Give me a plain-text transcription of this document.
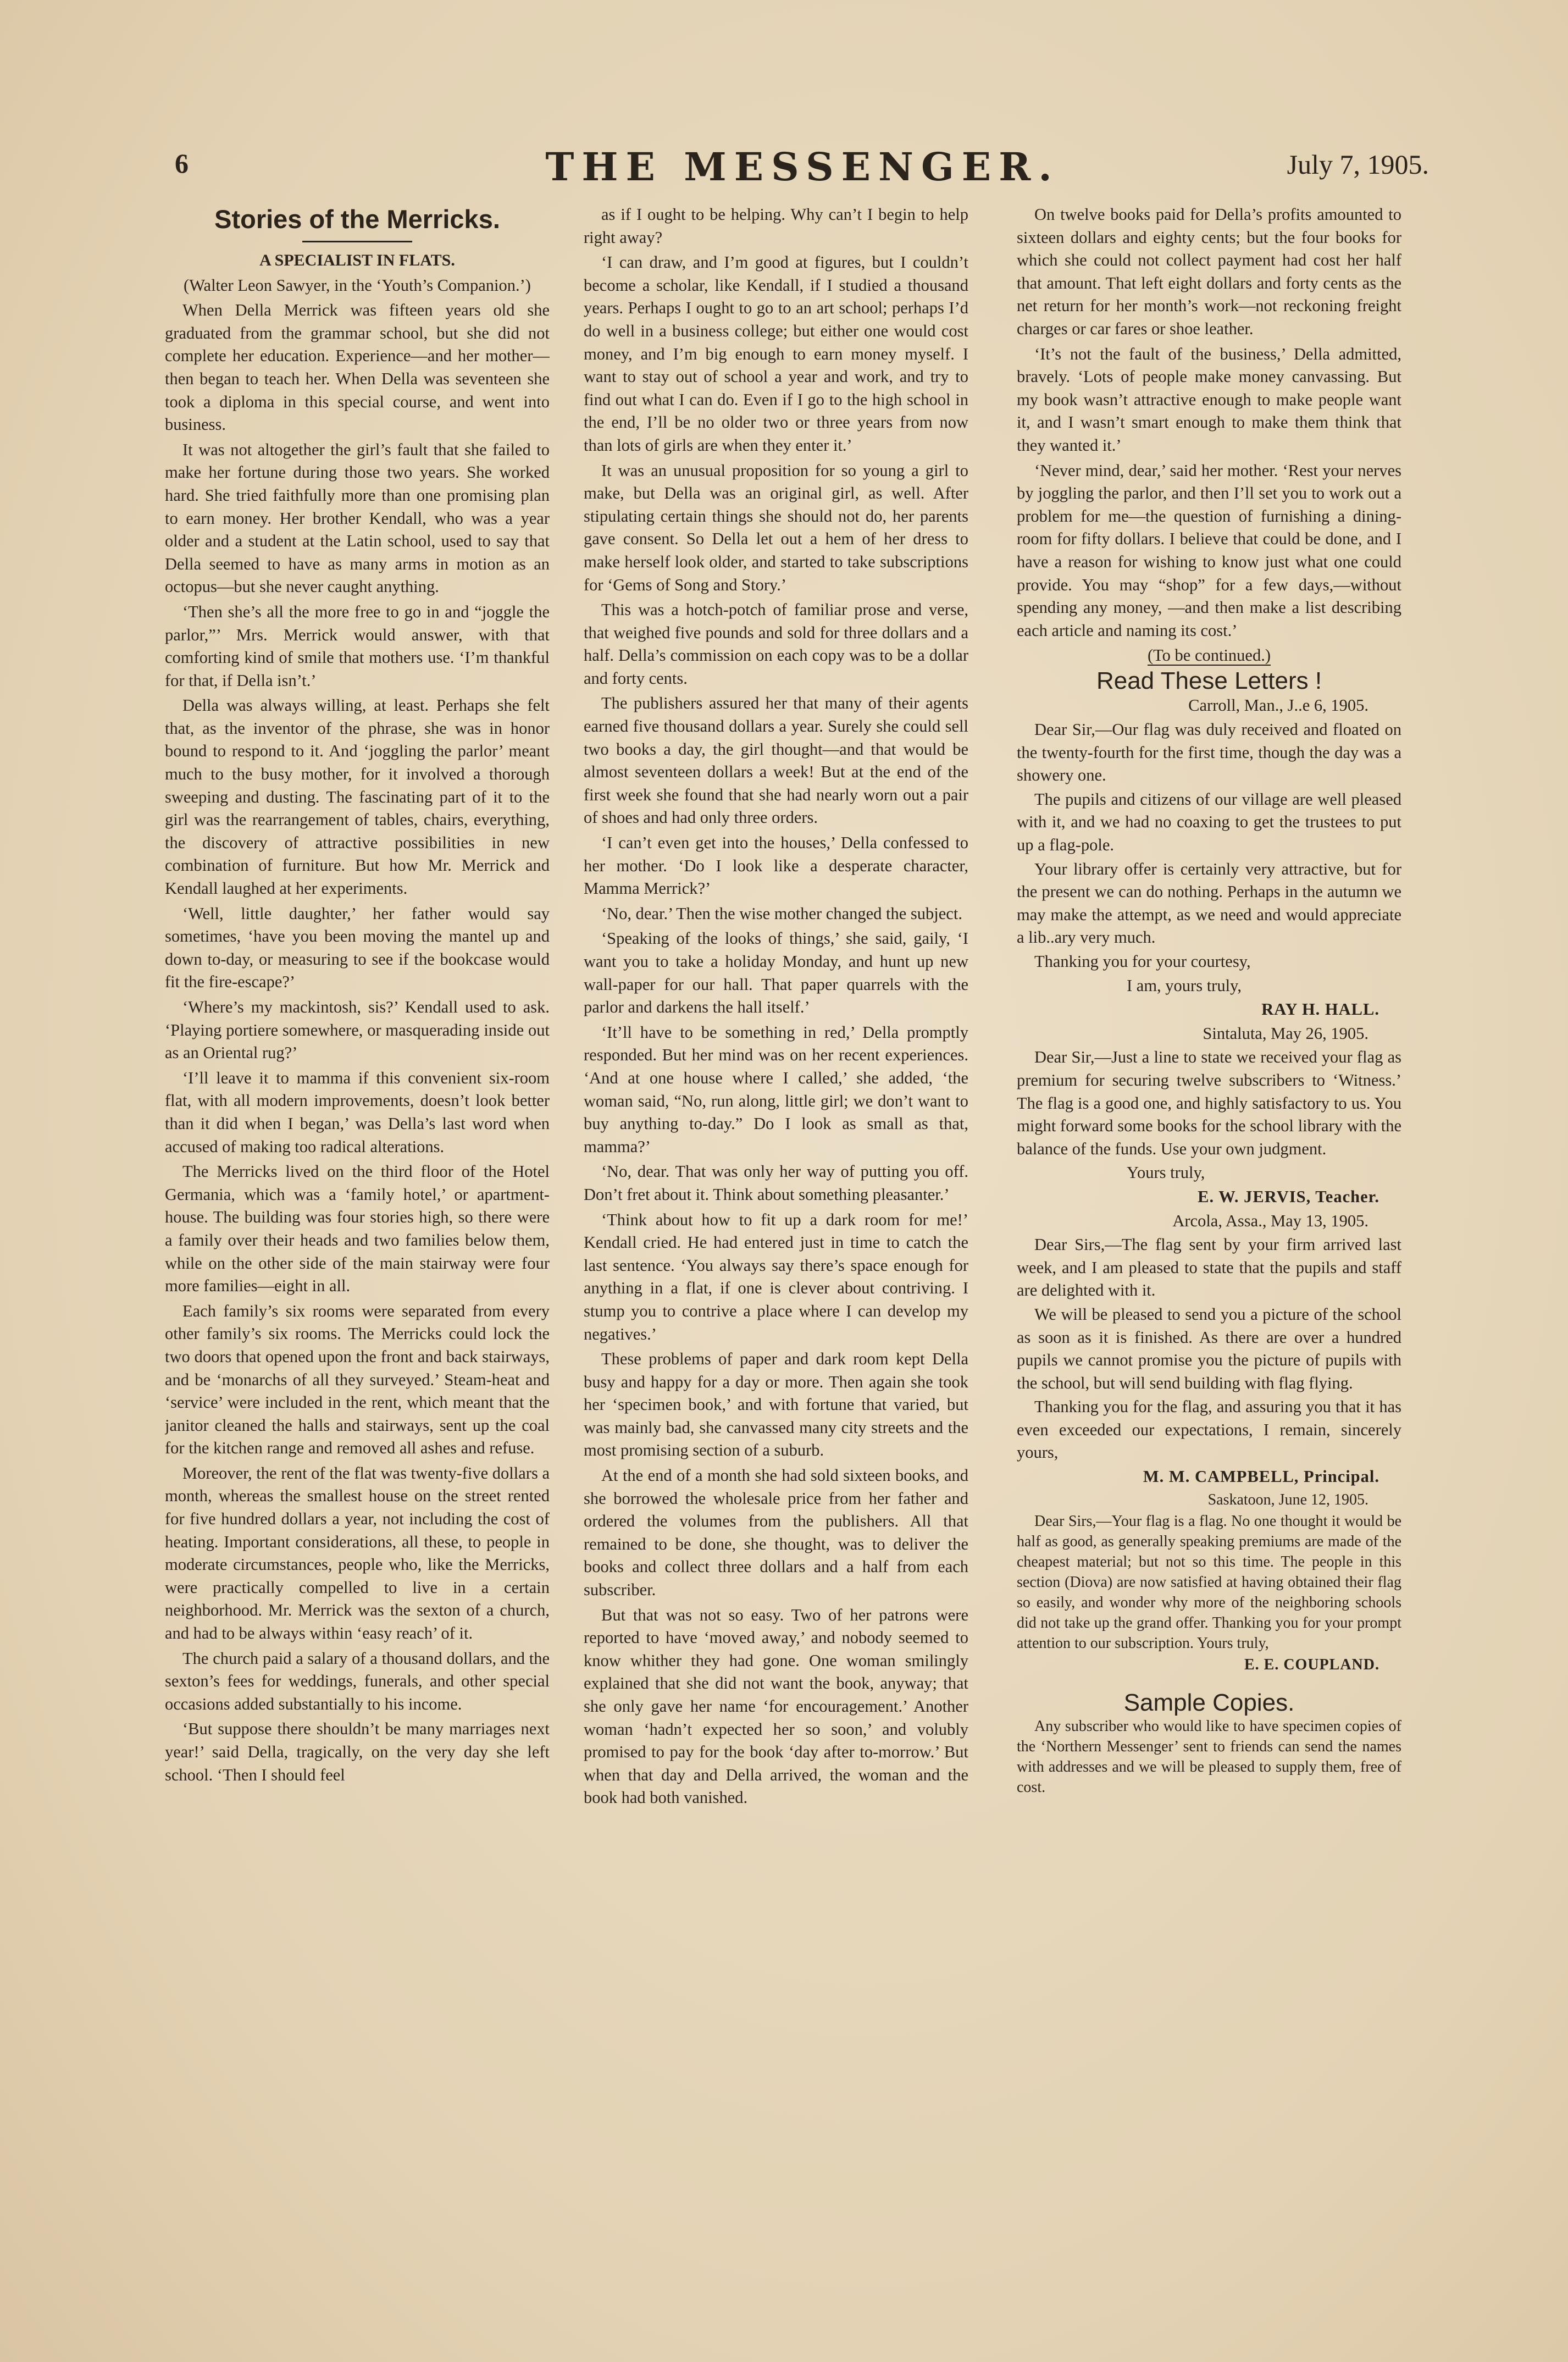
6	THE MESSENGER.	July 7, 1905.
Stories of the Merricks.

A SPECIALIST IN FLATS.

(Walter Leon Sawyer, in the ‘Youth’s Companion.’)

When Della Merrick was fifteen years old she graduated from the grammar school, but she did not complete her education. Experience—and her mother—then began to teach her. When Della was seventeen she took a diploma in this special course, and went into business.

It was not altogether the girl’s fault that she failed to make her fortune during those two years. She worked hard. She tried faithfully more than one promising plan to earn money. Her brother Kendall, who was a year older and a student at the Latin school, used to say that Della seemed to have as many arms in motion as an octopus—but she never caught anything.

‘Then she’s all the more free to go in and “joggle the parlor,”’ Mrs. Merrick would answer, with that comforting kind of smile that mothers use. ‘I’m thankful for that, if Della isn’t.’

Della was always willing, at least. Perhaps she felt that, as the inventor of the phrase, she was in honor bound to respond to it. And ‘joggling the parlor’ meant much to the busy mother, for it involved a thorough sweeping and dusting. The fascinating part of it to the girl was the rearrangement of tables, chairs, everything, the discovery of attractive possibilities in new combination of furniture. But how Mr. Merrick and Kendall laughed at her experiments.

‘Well, little daughter,’ her father would say sometimes, ‘have you been moving the mantel up and down to-day, or measuring to see if the bookcase would fit the fire-escape?’

‘Where’s my mackintosh, sis?’ Kendall used to ask. ‘Playing portiere somewhere, or masquerading inside out as an Oriental rug?’

‘I’ll leave it to mamma if this convenient six-room flat, with all modern improvements, doesn’t look better than it did when I began,’ was Della’s last word when accused of making too radical alterations.

The Merricks lived on the third floor of the Hotel Germania, which was a ‘family hotel,’ or apartment-house. The building was four stories high, so there were a family over their heads and two families below them, while on the other side of the main stairway were four more families—eight in all.

Each family’s six rooms were separated from every other family’s six rooms. The Merricks could lock the two doors that opened upon the front and back stairways, and be ‘monarchs of all they surveyed.’ Steam-heat and ‘service’ were included in the rent, which meant that the janitor cleaned the halls and stairways, sent up the coal for the kitchen range and removed all ashes and refuse.

Moreover, the rent of the flat was twenty-five dollars a month, whereas the smallest house on the street rented for five hundred dollars a year, not including the cost of heating. Important considerations, all these, to people in moderate circumstances, people who, like the Merricks, were practically compelled to live in a certain neighborhood. Mr. Merrick was the sexton of a church, and had to be always within ‘easy reach’ of it.

The church paid a salary of a thousand dollars, and the sexton’s fees for weddings, funerals, and other special occasions added substantially to his income.

‘But suppose there shouldn’t be many marriages next year!’ said Della, tragically, on the very day she left school. ‘Then I should feel

as if I ought to be helping. Why can’t I begin to help right away?

‘I can draw, and I’m good at figures, but I couldn’t become a scholar, like Kendall, if I studied a thousand years. Perhaps I ought to go to an art school; perhaps I’d do well in a business college; but either one would cost money, and I’m big enough to earn money myself. I want to stay out of school a year and work, and try to find out what I can do. Even if I go to the high school in the end, I’ll be no older two or three years from now than lots of girls are when they enter it.’

It was an unusual proposition for so young a girl to make, but Della was an original girl, as well. After stipulating certain things she should not do, her parents gave consent. So Della let out a hem of her dress to make herself look older, and started to take subscriptions for ‘Gems of Song and Story.’

This was a hotch-potch of familiar prose and verse, that weighed five pounds and sold for three dollars and a half. Della’s commission on each copy was to be a dollar and forty cents.

The publishers assured her that many of their agents earned five thousand dollars a year. Surely she could sell two books a day, the girl thought—and that would be almost seventeen dollars a week! But at the end of the first week she found that she had nearly worn out a pair of shoes and had only three orders.

‘I can’t even get into the houses,’ Della confessed to her mother. ‘Do I look like a desperate character, Mamma Merrick?’

‘No, dear.’ Then the wise mother changed the subject.

‘Speaking of the looks of things,’ she said, gaily, ‘I want you to take a holiday Monday, and hunt up new wall-paper for our hall. That paper quarrels with the parlor and darkens the hall itself.’

‘It’ll have to be something in red,’ Della promptly responded. But her mind was on her recent experiences. ‘And at one house where I called,’ she added, ‘the woman said, “No, run along, little girl; we don’t want to buy anything to-day.” Do I look as small as that, mamma?’

‘No, dear. That was only her way of putting you off. Don’t fret about it. Think about something pleasanter.’

‘Think about how to fit up a dark room for me!’ Kendall cried. He had entered just in time to catch the last sentence. ‘You always say there’s space enough for anything in a flat, if one is clever about contriving. I stump you to contrive a place where I can develop my negatives.’

These problems of paper and dark room kept Della busy and happy for a day or more. Then again she took her ‘specimen book,’ and with fortune that varied, but was mainly bad, she canvassed many city streets and the most promising section of a suburb.

At the end of a month she had sold sixteen books, and she borrowed the wholesale price from her father and ordered the volumes from the publishers. All that remained to be done, she thought, was to deliver the books and collect three dollars and a half from each subscriber.

But that was not so easy. Two of her patrons were reported to have ‘moved away,’ and nobody seemed to know whither they had gone. One woman smilingly explained that she did not want the book, anyway; that she only gave her name ‘for encouragement.’ Another woman ‘hadn’t expected her so soon,’ and volubly promised to pay for the book ‘day after to-morrow.’ But when that day and Della arrived, the woman and the book had both vanished.

On twelve books paid for Della’s profits amounted to sixteen dollars and eighty cents; but the four books for which she could not collect payment had cost her half that amount. That left eight dollars and forty cents as the net return for her month’s work—not reckoning freight charges or car fares or shoe leather.

‘It’s not the fault of the business,’ Della admitted, bravely. ‘Lots of people make money canvassing. But my book wasn’t attractive enough to make people want it, and I wasn’t smart enough to make them think that they wanted it.’

‘Never mind, dear,’ said her mother. ‘Rest your nerves by joggling the parlor, and then I’ll set you to work out a problem for me—the question of furnishing a dining-room for fifty dollars. I believe that could be done, and I have a reason for wishing to know just what one could provide. You may “shop” for a few days,—without spending any money, —and then make a list describing each article and naming its cost.’

(To be continued.)

Read These Letters !

Carroll, Man., J..e 6, 1905.

Dear Sir,—Our flag was duly received and floated on the twenty-fourth for the first time, though the day was a showery one.

The pupils and citizens of our village are well pleased with it, and we had no coaxing to get the trustees to put up a flag-pole.

Your library offer is certainly very attractive, but for the present we can do nothing. Perhaps in the autumn we may make the attempt, as we need and would appreciate a lib..ary very much.

Thanking you for your courtesy,

I am, yours truly,

RAY H. HALL.

Sintaluta, May 26, 1905.

Dear Sir,—Just a line to state we received your flag as premium for securing twelve subscribers to ‘Witness.’ The flag is a good one, and highly satisfactory to us. You might forward some books for the school library with the balance of the funds. Use your own judgment.

Yours truly,

E. W. JERVIS, Teacher.

Arcola, Assa., May 13, 1905.

Dear Sirs,—The flag sent by your firm arrived last week, and I am pleased to state that the pupils and staff are delighted with it.

We will be pleased to send you a picture of the school as soon as it is finished. As there are over a hundred pupils we cannot promise you the picture of pupils with the school, but will send building with flag flying.

Thanking you for the flag, and assuring you that it has even exceeded our expectations, I remain, sincerely yours,

M. M. CAMPBELL, Principal.

Saskatoon, June 12, 1905.

Dear Sirs,—Your flag is a flag. No one thought it would be half as good, as generally speaking premiums are made of the cheapest material; but not so this time. The people in this section (Diova) are now satisfied at having obtained their flag so easily, and wonder why more of the neighboring schools did not take up the grand offer. Thanking you for your prompt attention to our subscription. Yours truly,

E. E. COUPLAND.

Sample Copies.

Any subscriber who would like to have specimen copies of the ‘Northern Messenger’ sent to friends can send the names with addresses and we will be pleased to supply them, free of cost.
